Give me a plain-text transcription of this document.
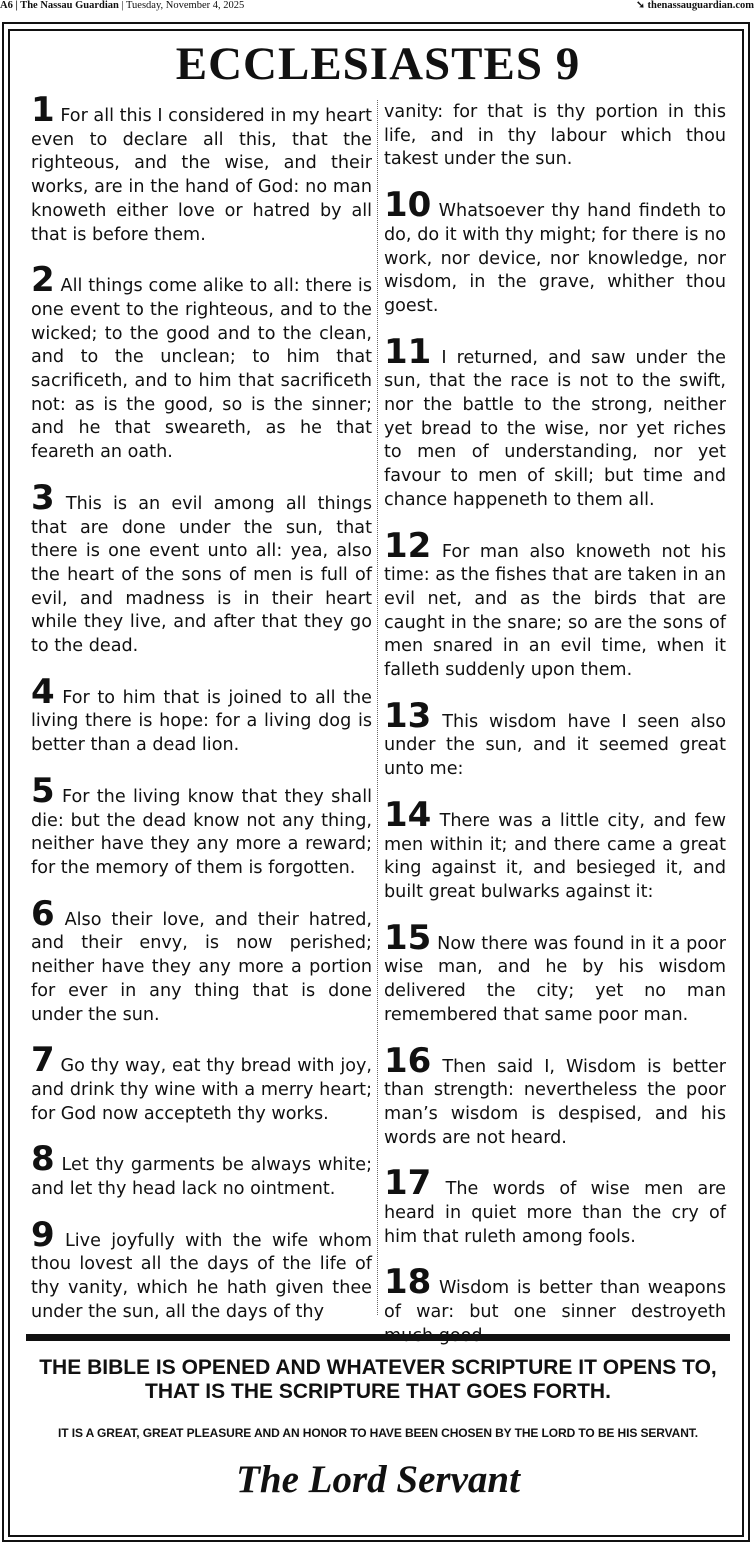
A6 | The Nassau Guardian | Tuesday, November 4, 2025	➘ thenassauguardian.com
ECCLESIASTES 9

1 For all this I considered in my heart even to declare all this, that the righteous, and the wise, and their works, are in the hand of God: no man knoweth either love or hatred by all that is before them.

2 All things come alike to all: there is one event to the righteous, and to the wicked; to the good and to the clean, and to the unclean; to him that sacrificeth, and to him that sacrificeth not: as is the good, so is the sinner; and he that sweareth, as he that feareth an oath.

3 This is an evil among all things that are done under the sun, that there is one event unto all: yea, also the heart of the sons of men is full of evil, and madness is in their heart while they live, and after that they go to the dead.

4 For to him that is joined to all the living there is hope: for a living dog is better than a dead lion.

5 For the living know that they shall die: but the dead know not any thing, neither have they any more a reward; for the memory of them is forgotten.

6 Also their love, and their hatred, and their envy, is now perished; neither have they any more a portion for ever in any thing that is done under the sun.

7 Go thy way, eat thy bread with joy, and drink thy wine with a merry heart; for God now accepteth thy works.

8 Let thy garments be always white; and let thy head lack no ointment.

9 Live joyfully with the wife whom thou lovest all the days of the life of thy vanity, which he hath given thee under the sun, all the days of thy

vanity: for that is thy portion in this life, and in thy labour which thou takest under the sun.

10 Whatsoever thy hand findeth to do, do it with thy might; for there is no work, nor device, nor knowledge, nor wisdom, in the grave, whither thou goest.

11 I returned, and saw under the sun, that the race is not to the swift, nor the battle to the strong, neither yet bread to the wise, nor yet riches to men of understanding, nor yet favour to men of skill; but time and chance happeneth to them all.

12 For man also knoweth not his time: as the fishes that are taken in an evil net, and as the birds that are caught in the snare; so are the sons of men snared in an evil time, when it falleth suddenly upon them.

13 This wisdom have I seen also under the sun, and it seemed great unto me:

14 There was a little city, and few men within it; and there came a great king against it, and besieged it, and built great bulwarks against it:

15 Now there was found in it a poor wise man, and he by his wisdom delivered the city; yet no man remembered that same poor man.

16 Then said I, Wisdom is better than strength: nevertheless the poor man’s wisdom is despised, and his words are not heard.

17 The words of wise men are heard in quiet more than the cry of him that ruleth among fools.

18 Wisdom is better than weapons of war: but one sinner destroyeth

THE BIBLE IS OPENED AND WHATEVER SCRIPTURE IT OPENS TO, THAT IS THE SCRIPTURE THAT GOES FORTH.
IT IS A GREAT, GREAT PLEASURE AND AN HONOR TO HAVE BEEN CHOSEN BY THE LORD TO BE HIS SERVANT.
The Lord Servant
